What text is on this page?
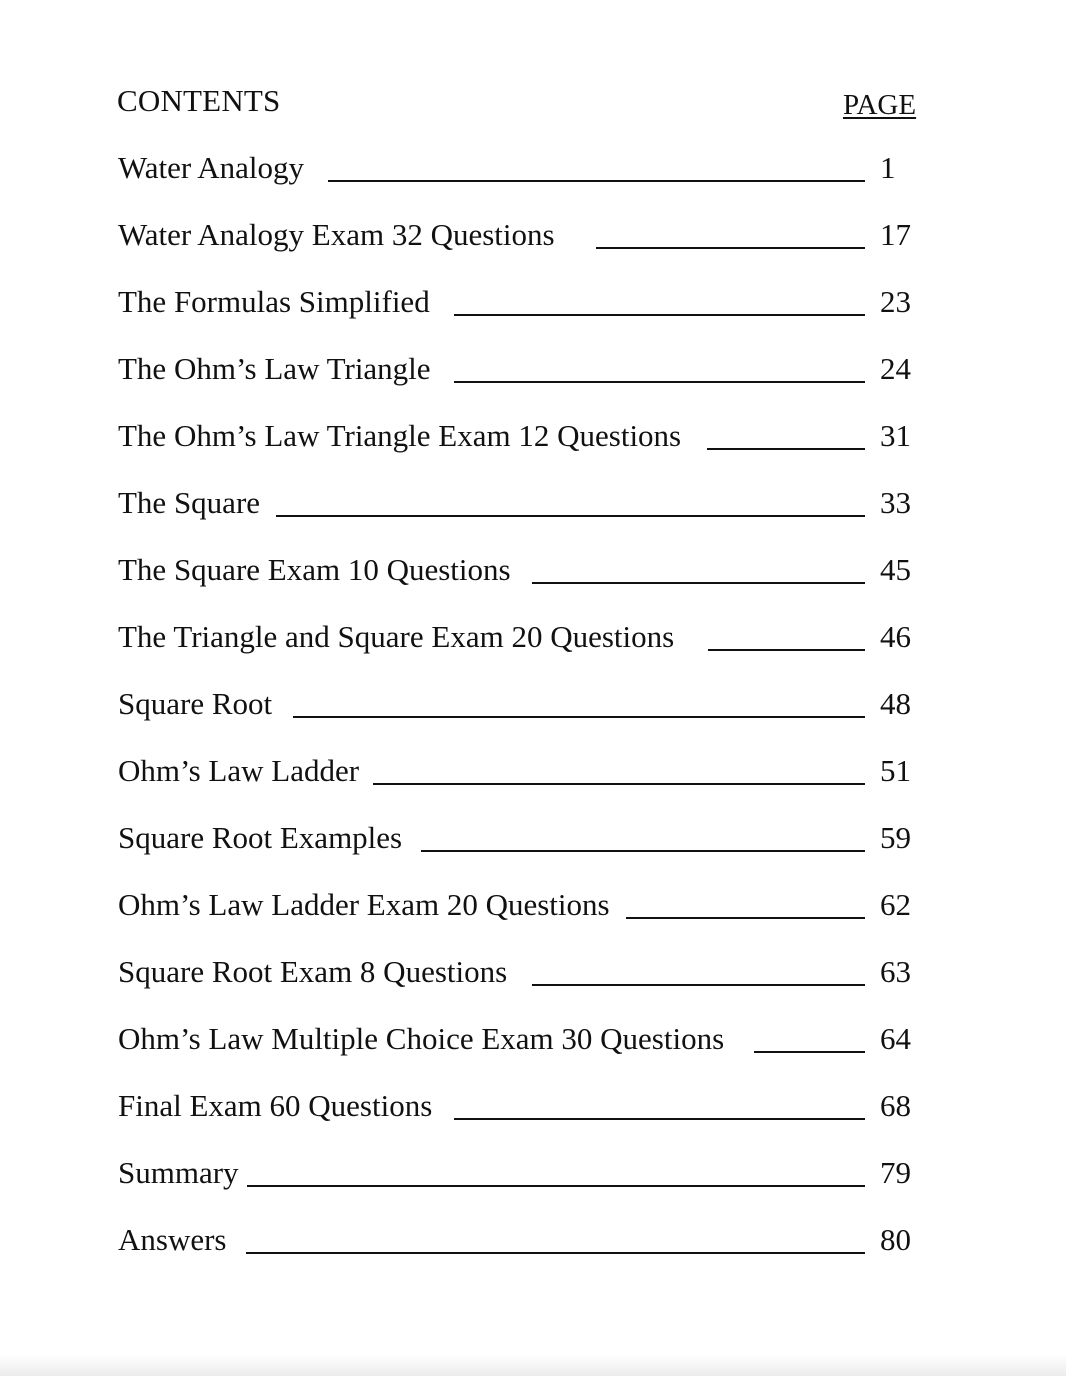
CONTENTS	PAGE
Water Analogy	1
Water Analogy Exam 32 Questions	17
The Formulas Simplified	23
The Ohm’s Law Triangle	24
The Ohm’s Law Triangle Exam 12 Questions	31
The Square	33
The Square Exam 10 Questions	45
The Triangle and Square Exam 20 Questions	46
Square Root	48
Ohm’s Law Ladder	51
Square Root Examples	59
Ohm’s Law Ladder Exam 20 Questions	62
Square Root Exam 8 Questions	63
Ohm’s Law Multiple Choice Exam 30 Questions	64
Final Exam 60 Questions	68
Summary	79
Answers	80
